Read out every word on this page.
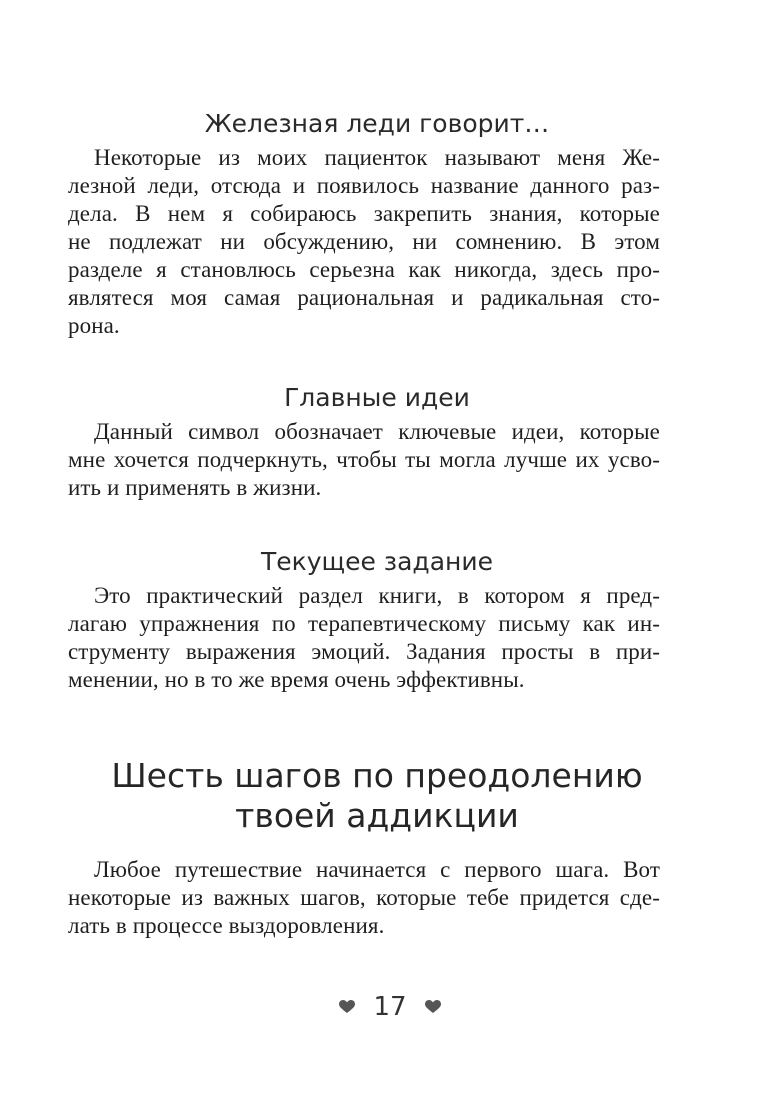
Железная леди говорит…
Некоторые из моих пациенток называют меня Же-
лезной леди, отсюда и появилось название данного раз-
дела. В нем я собираюсь закрепить знания, которые
не подлежат ни обсуждению, ни сомнению. В этом
разделе я становлюсь серьезна как никогда, здесь про-
являтеся моя самая рациональная и радикальная сто-
рона.
Главные идеи
Данный символ обозначает ключевые идеи, которые
мне хочется подчеркнуть, чтобы ты могла лучше их усво-
ить и применять в жизни.
Текущее задание
Это практический раздел книги, в котором я пред-
лагаю упражнения по терапевтическому письму как ин-
струменту выражения эмоций. Задания просты в при-
менении, но в то же время очень эффективны.
Шесть шагов по преодолению
твоей аддикции
Любое путешествие начинается с первого шага. Вот
некоторые из важных шагов, которые тебе придется сде-
лать в процессе выздоровления.
17
